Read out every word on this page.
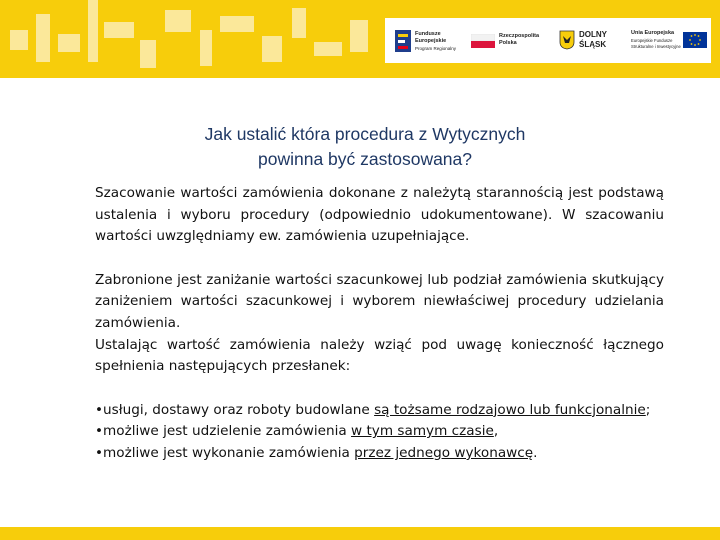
Fundusze
Europejskie
Program Regionalny
Rzeczpospolita
Polska
DOLNY
ŚLĄSK
Unia Europejska
Europejskie Fundusze
Strukturalne i Inwestycyjne
Jak ustalić która procedura z Wytycznych
powinna być zastosowana?

Szacowanie wartości zamówienia dokonane z należytą starannością jest podstawą ustalenia i wyboru procedury (odpowiednio udokumentowane). W szacowaniu wartości uwzględniamy ew. zamówienia uzupełniające.

Zabronione jest zaniżanie wartości szacunkowej lub podział zamówienia skutkujący zaniżeniem wartości szacunkowej i wyborem niewłaściwej procedury udzielania zamówienia.

Ustalając wartość zamówienia należy wziąć pod uwagę konieczność łącznego spełnienia następujących przesłanek:

•usługi, dostawy oraz roboty budowlane są tożsame rodzajowo lub funkcjonalnie;
•możliwe jest udzielenie zamówienia w tym samym czasie,
•możliwe jest wykonanie zamówienia przez jednego wykonawcę.
